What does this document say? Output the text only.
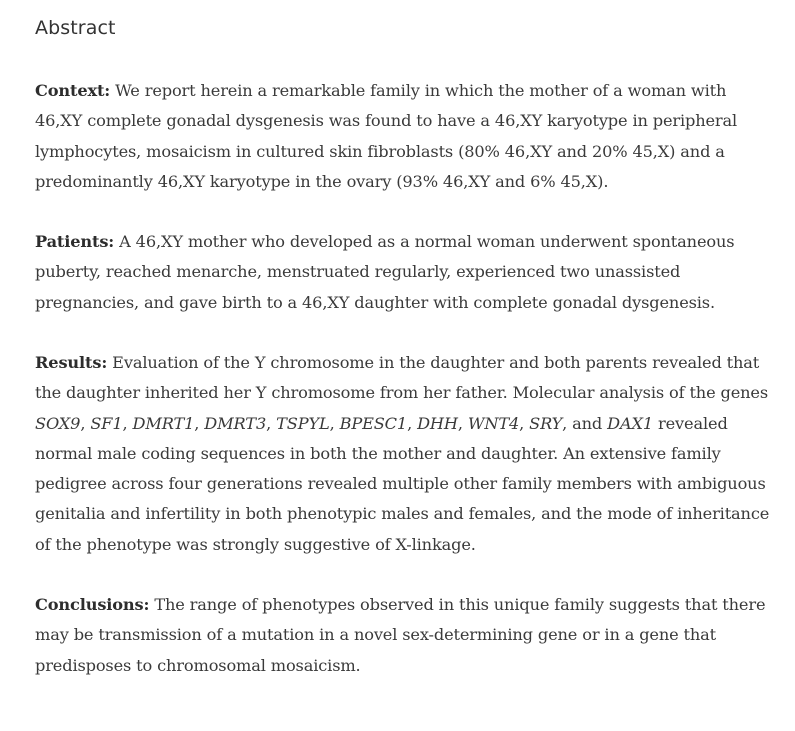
Abstract

Context: We report herein a remarkable family in which the mother of a woman with 46,XY complete gonadal dysgenesis was found to have a 46,XY karyotype in peripheral lymphocytes, mosaicism in cultured skin fibroblasts (80% 46,XY and 20% 45,X) and a predominantly 46,XY karyotype in the ovary (93% 46,XY and 6% 45,X).

Patients: A 46,XY mother who developed as a normal woman underwent spontaneous puberty, reached menarche, menstruated regularly, experienced two unassisted pregnancies, and gave birth to a 46,XY daughter with complete gonadal dysgenesis.

Results: Evaluation of the Y chromosome in the daughter and both parents revealed that the daughter inherited her Y chromosome from her father. Molecular analysis of the genes SOX9, SF1, DMRT1, DMRT3, TSPYL, BPESC1, DHH, WNT4, SRY, and DAX1 revealed normal male coding sequences in both the mother and daughter. An extensive family pedigree across four generations revealed multiple other family members with ambiguous genitalia and infertility in both phenotypic males and females, and the mode of inheritance of the phenotype was strongly suggestive of X-linkage.

Conclusions: The range of phenotypes observed in this unique family suggests that there may be transmission of a mutation in a novel sex-determining gene or in a gene that predisposes to chromosomal mosaicism.
